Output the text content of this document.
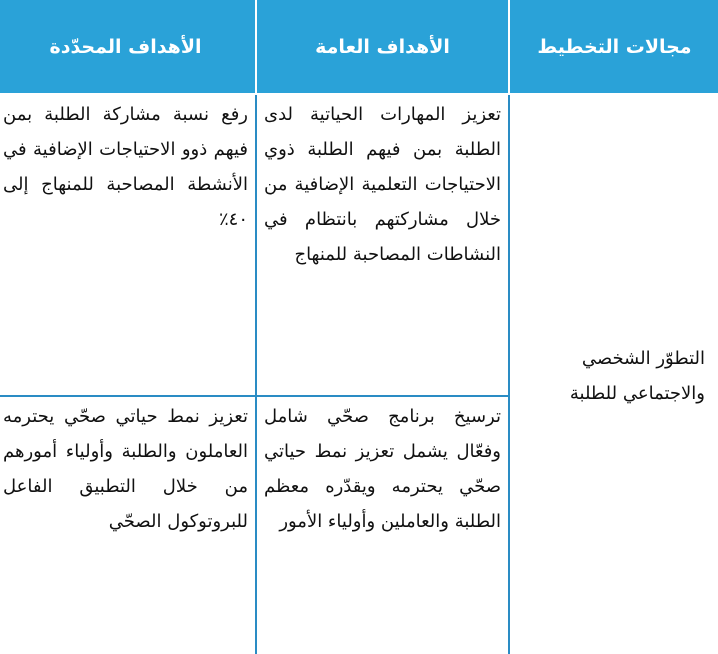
مجالات التخطيط	الأهداف العامة	الأهداف المحدّدة
التطوّر الشخصي والاجتماعي للطلبة	تعزيز المهارات الحياتية لدى الطلبة بمن فيهم الطلبة ذوي الاحتياجات التعلمية الإضافية من خلال مشاركتهم بانتظام في النشاطات المصاحبة للمنهاج	رفع نسبة مشاركة الطلبة بمن فيهم ذوو الاحتياجات الإضافية في الأنشطة المصاحبة للمنهاج إلى ٤٠٪
	ترسيخ برنامج صحّي شامل وفعّال يشمل تعزيز نمط حياتي صحّي يحترمه ويقدّره معظم الطلبة والعاملين وأولياء الأمور	تعزيز نمط حياتي صحّي يحترمه العاملون والطلبة وأولياء أمورهم من خلال التطبيق الفاعل للبروتوكول الصحّي
